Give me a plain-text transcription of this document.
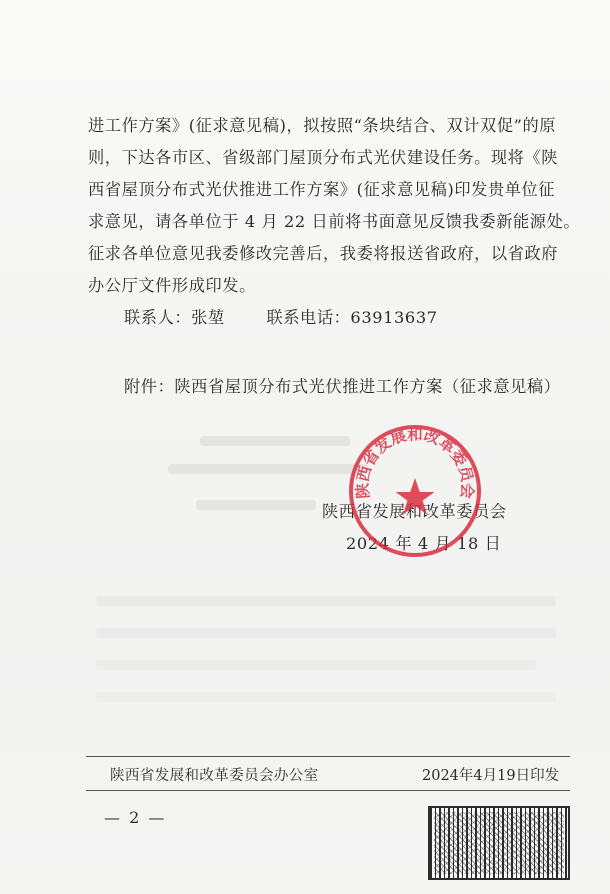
进工作方案》(征求意见稿)，拟按照“条块结合、双计双促”的原
则，下达各市区、省级部门屋顶分布式光伏建设任务。现将《陕
西省屋顶分布式光伏推进工作方案》(征求意见稿)印发贵单位征
求意见，请各单位于 4 月 22 日前将书面意见反馈我委新能源处。
征求各单位意见我委修改完善后，我委将报送省政府，以省政府
办公厅文件形成印发。
联系人：张堃	联系电话：63913637
附件：陕西省屋顶分布式光伏推进工作方案（征求意见稿）
陕西省发展和改革委员会
2024 年 4 月 18 日
陕西省发展和改革委员会
陕西省发展和改革委员会办公室	2024年4月19日印发
— 2 —
